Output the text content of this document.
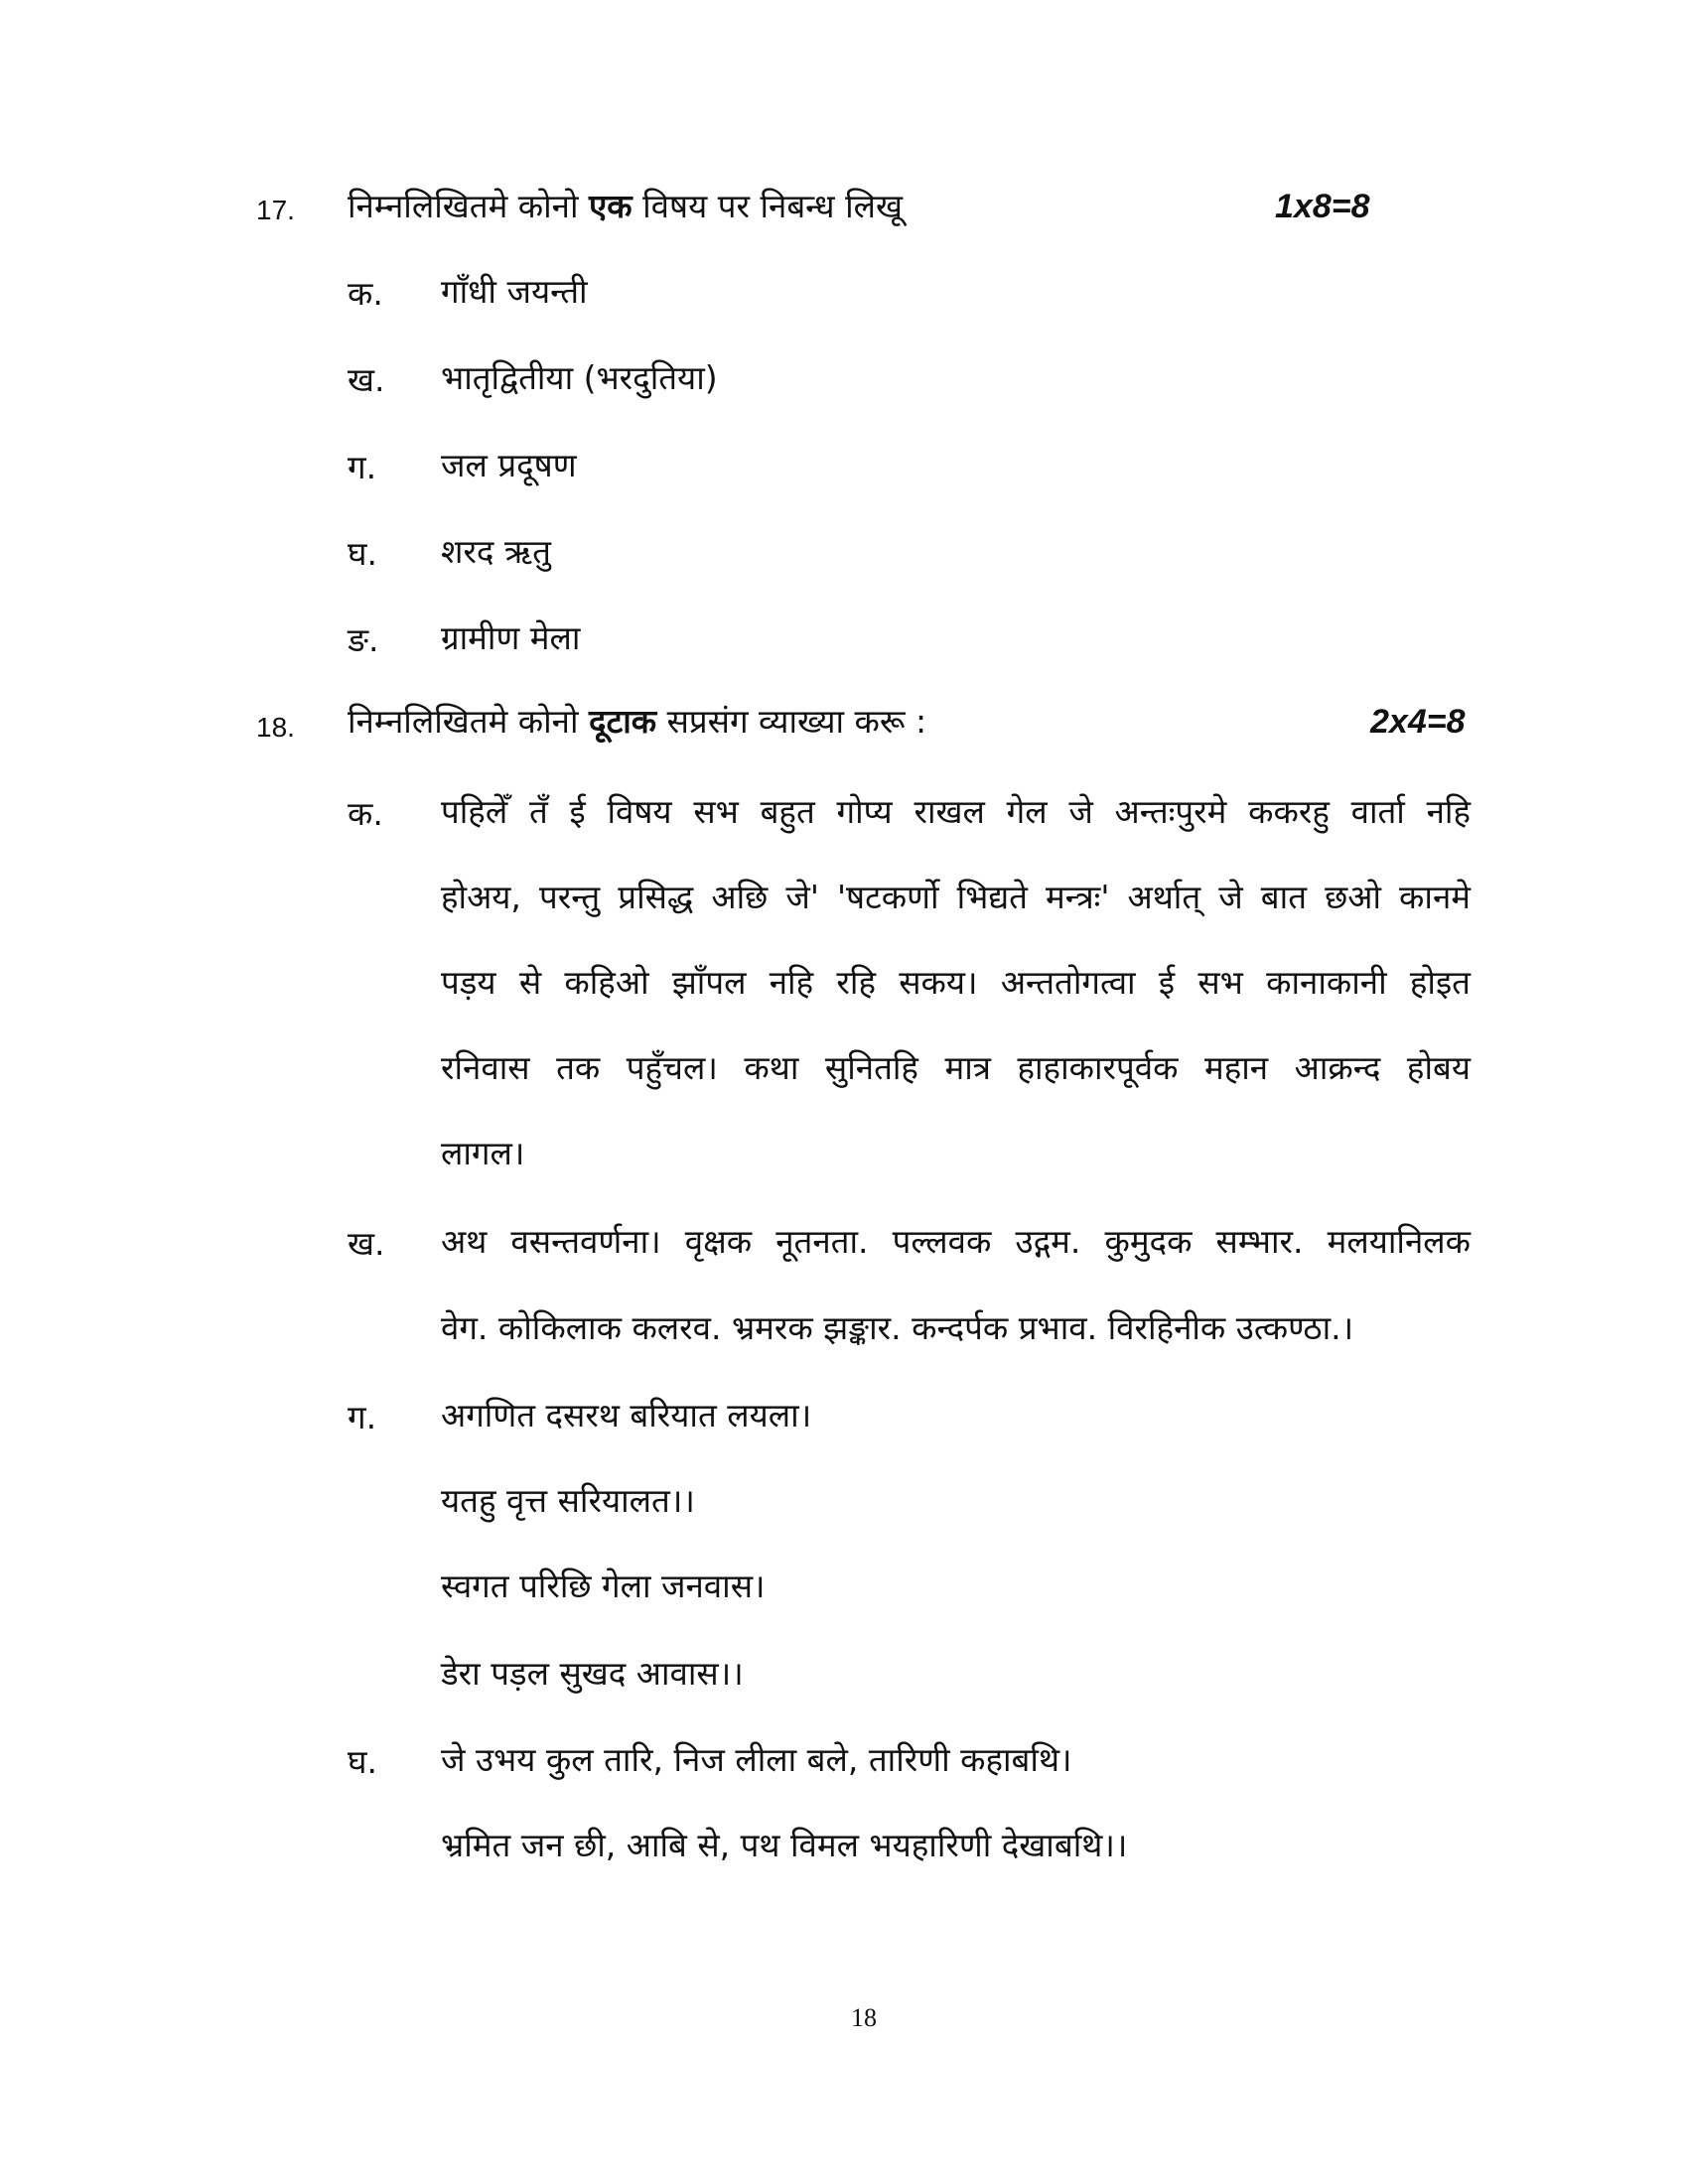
17. निम्नलिखितमे कोनो एक विषय पर निबन्ध लिखू	1x8=8
क. गाँधी जयन्ती
ख. भातृद्वितीया (भरदुतिया)
ग. जल प्रदूषण
घ. शरद ऋतु
ङ. ग्रामीण मेला
18. निम्नलिखितमे कोनो दूटाक सप्रसंग व्याख्या करू :	2x4=8
क. पहिलेँ तँ ई विषय सभ बहुत गोप्य राखल गेल जे अन्तःपुरमे ककरहु वार्ता नहि
होअय, परन्तु प्रसिद्ध अछि जे' 'षटकर्णो भिद्यते मन्त्रः' अर्थात् जे बात छओ कानमे
पड़य से कहिओ झाँपल नहि रहि सकय। अन्ततोगत्वा ई सभ कानाकानी होइत
रनिवास तक पहुँचल। कथा सुनितहि मात्र हाहाकारपूर्वक महान आक्रन्द होबय
लागल।
ख. अथ वसन्तवर्णना। वृक्षक नूतनता. पल्लवक उद्गम. कुमुदक सम्भार. मलयानिलक
वेग. कोकिलाक कलरव. भ्रमरक झङ्कार. कन्दर्पक प्रभाव. विरहिनीक उत्कण्ठा.।
ग. अगणित दसरथ बरियात लयला।
यतहु वृत्त सरियालत।।
स्वगत परिछि गेला जनवास।
डेरा पड़ल सुखद आवास।।
घ. जे उभय कुल तारि, निज लीला बले, तारिणी कहाबथि।
भ्रमित जन छी, आबि से, पथ विमल भयहारिणी देखाबथि।।
18
